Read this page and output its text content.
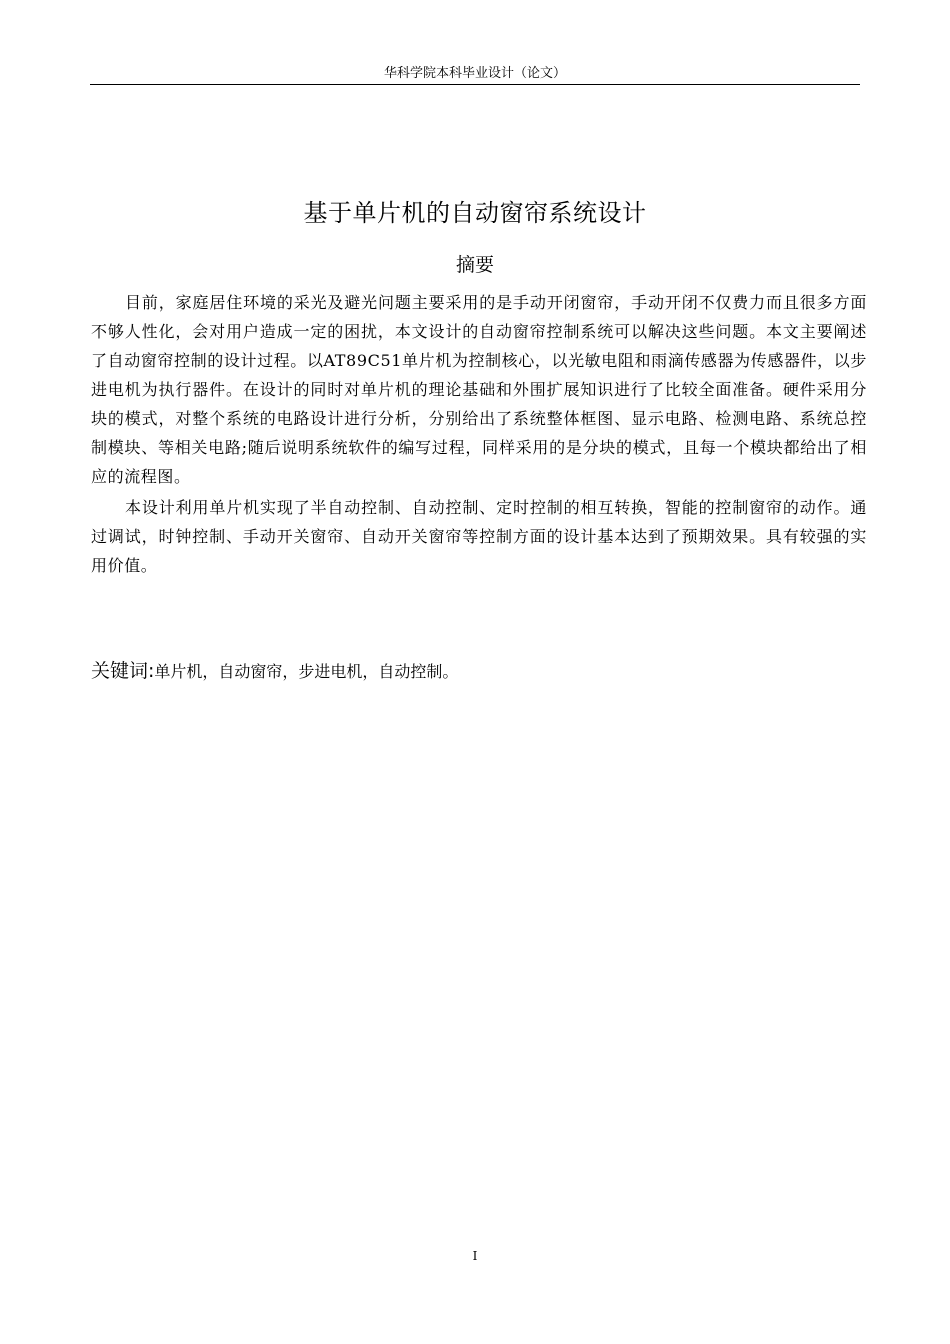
华科学院本科毕业设计（论文）
基于单片机的自动窗帘系统设计
摘要

目前，家庭居住环境的采光及避光问题主要采用的是手动开闭窗帘，手动开闭不仅费力而且很多方面不够人性化，会对用户造成一定的困扰，本文设计的自动窗帘控制系统可以解决这些问题。本文主要阐述了自动窗帘控制的设计过程。以AT89C51单片机为控制核心，以光敏电阻和雨滴传感器为传感器件，以步进电机为执行器件。在设计的同时对单片机的理论基础和外围扩展知识进行了比较全面准备。硬件采用分块的模式，对整个系统的电路设计进行分析，分别给出了系统整体框图、显示电路、检测电路、系统总控制模块、等相关电路;随后说明系统软件的编写过程，同样采用的是分块的模式，且每一个模块都给出了相应的流程图。

本设计利用单片机实现了半自动控制、自动控制、定时控制的相互转换，智能的控制窗帘的动作。通过调试，时钟控制、手动开关窗帘、自动开关窗帘等控制方面的设计基本达到了预期效果。具有较强的实用价值。

关键词:单片机，自动窗帘，步进电机，自动控制。
I
